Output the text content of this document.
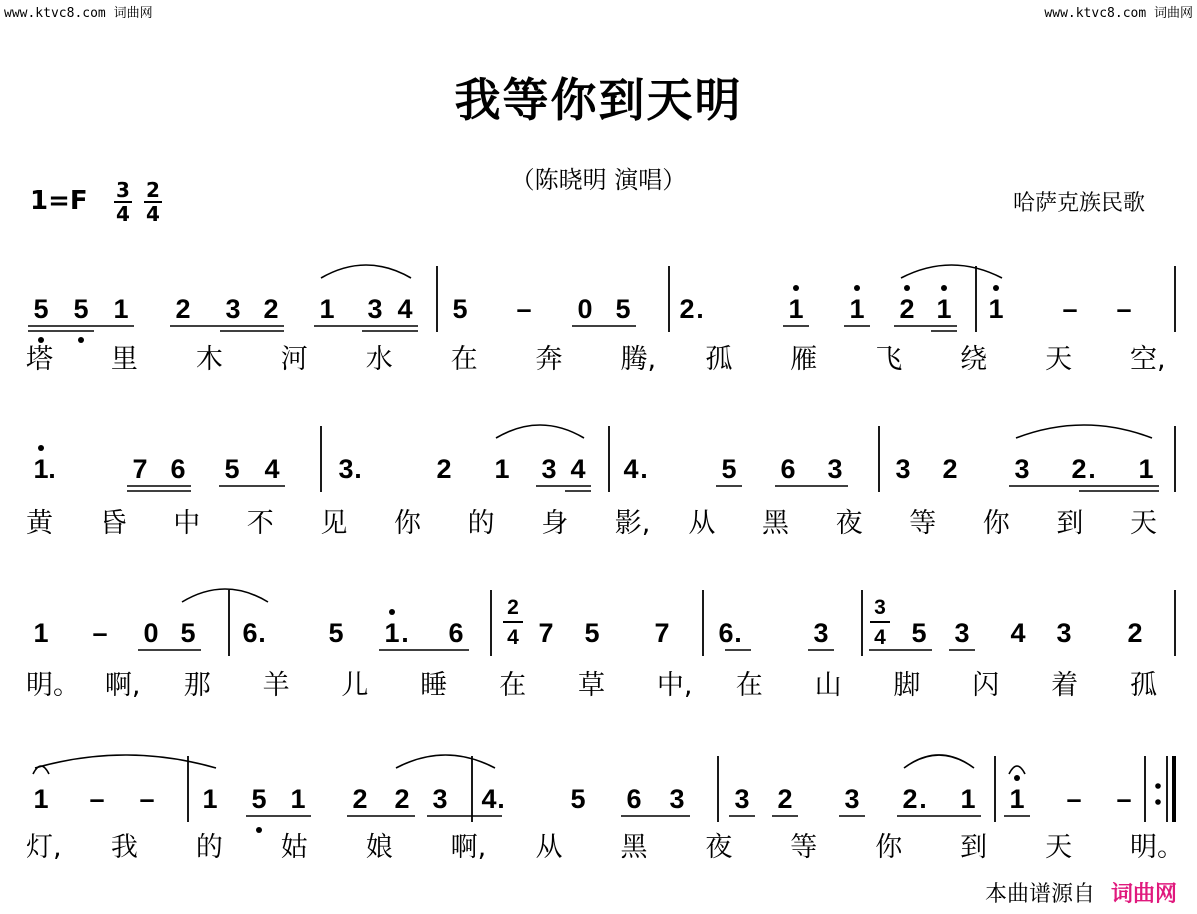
www.ktvc8.com 词曲网	www.ktvc8.com 词曲网
我等你到天明
（陈晓明 演唱）
1=F 3
4
2
4	哈萨克族民歌
5 5 1 2 3 2 1 3 4 5 – 0 5 2 .	1 1 2 1 1 – –
塔 里 木 河 水 在 奔 腾, 孤 雁 飞 绕 天 空,
1 .	7 6 5 4 3 .	2 1 3 4 4 .	5 6 3 3 2 3 2 . 1
黄 昏 中 不 见 你 的 身 影, 从 黑 夜 等 你 到 天
1 – 0 5 6 . 5 1 . 6
2
4 7 5 7 6 .	3
3
4 5 3 4 3 2
明。 啊, 那 羊 儿 睡 在 草 中, 在 山 脚 闪 着 孤
1 – – 1 5 1 2 2 3 4 . 5 6 3 3 2 3 2 . 1 1 – –
灯, 我 的 姑 娘 啊, 从 黑 夜 等 你 到 天 明。
本曲谱源自 词曲网
